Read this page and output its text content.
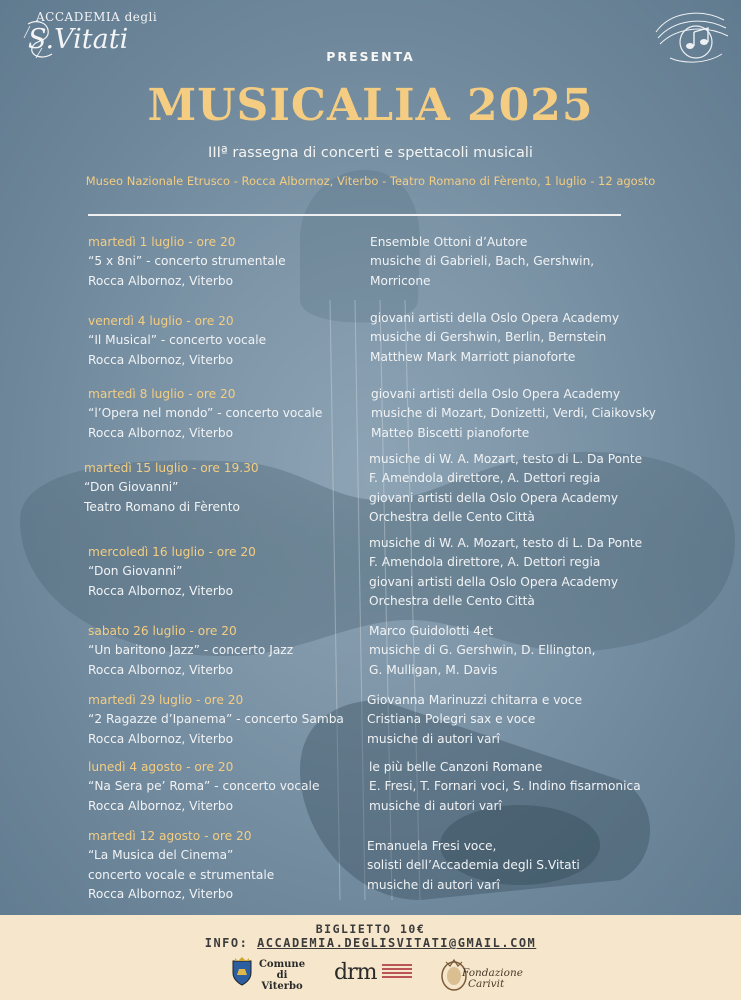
ACCADEMIA degli
S.Vitati
PRESENTA
MUSICALIA 2025
IIIª rassegna di concerti e spettacoli musicali
Museo Nazionale Etrusco - Rocca Albornoz, Viterbo - Teatro Romano di Fèrento, 1 luglio - 12 agosto
martedì 1 luglio - ore 20
“5 x 8ni” - concerto strumentale
Rocca Albornoz, Viterbo
Ensemble Ottoni d’Autore
musiche di Gabrieli, Bach, Gershwin,
Morricone
venerdì 4 luglio - ore 20
“Il Musical” - concerto vocale
Rocca Albornoz, Viterbo
giovani artisti della Oslo Opera Academy
musiche di Gershwin, Berlin, Bernstein
Matthew Mark Marriott pianoforte
martedì 8 luglio - ore 20
“l’Opera nel mondo” - concerto vocale
Rocca Albornoz, Viterbo
giovani artisti della Oslo Opera Academy
musiche di Mozart, Donizetti, Verdi, Ciaikovsky
Matteo Biscetti pianoforte
martedì 15 luglio - ore 19.30
“Don Giovanni”
Teatro Romano di Fèrento
musiche di W. A. Mozart, testo di L. Da Ponte
F. Amendola direttore, A. Dettori regia
giovani artisti della Oslo Opera Academy
Orchestra delle Cento Città
mercoledì 16 luglio - ore 20
“Don Giovanni”
Rocca Albornoz, Viterbo
musiche di W. A. Mozart, testo di L. Da Ponte
F. Amendola direttore, A. Dettori regia
giovani artisti della Oslo Opera Academy
Orchestra delle Cento Città
sabato 26 luglio - ore 20
“Un baritono Jazz” - concerto Jazz
Rocca Albornoz, Viterbo
Marco Guidolotti 4et
musiche di G. Gershwin, D. Ellington,
G. Mulligan, M. Davis
martedì 29 luglio - ore 20
“2 Ragazze d’Ipanema” - concerto Samba
Rocca Albornoz, Viterbo
Giovanna Marinuzzi chitarra e voce
Cristiana Polegri sax e voce
musiche di autori varî
lunedì 4 agosto - ore 20
“Na Sera pe’ Roma” - concerto vocale
Rocca Albornoz, Viterbo
le più belle Canzoni Romane
E. Fresi, T. Fornari voci, S. Indino fisarmonica
musiche di autori varî
martedì 12 agosto - ore 20
“La Musica del Cinema”
concerto vocale e strumentale
Rocca Albornoz, Viterbo
Emanuela Fresi voce,
solisti dell’Accademia degli S.Vitati
musiche di autori varî
BIGLIETTO 10€
INFO: ACCADEMIA.DEGLISVITATI@GMAIL.COM
Comune
di
Viterbo
drm	Fondazione
Carivit
